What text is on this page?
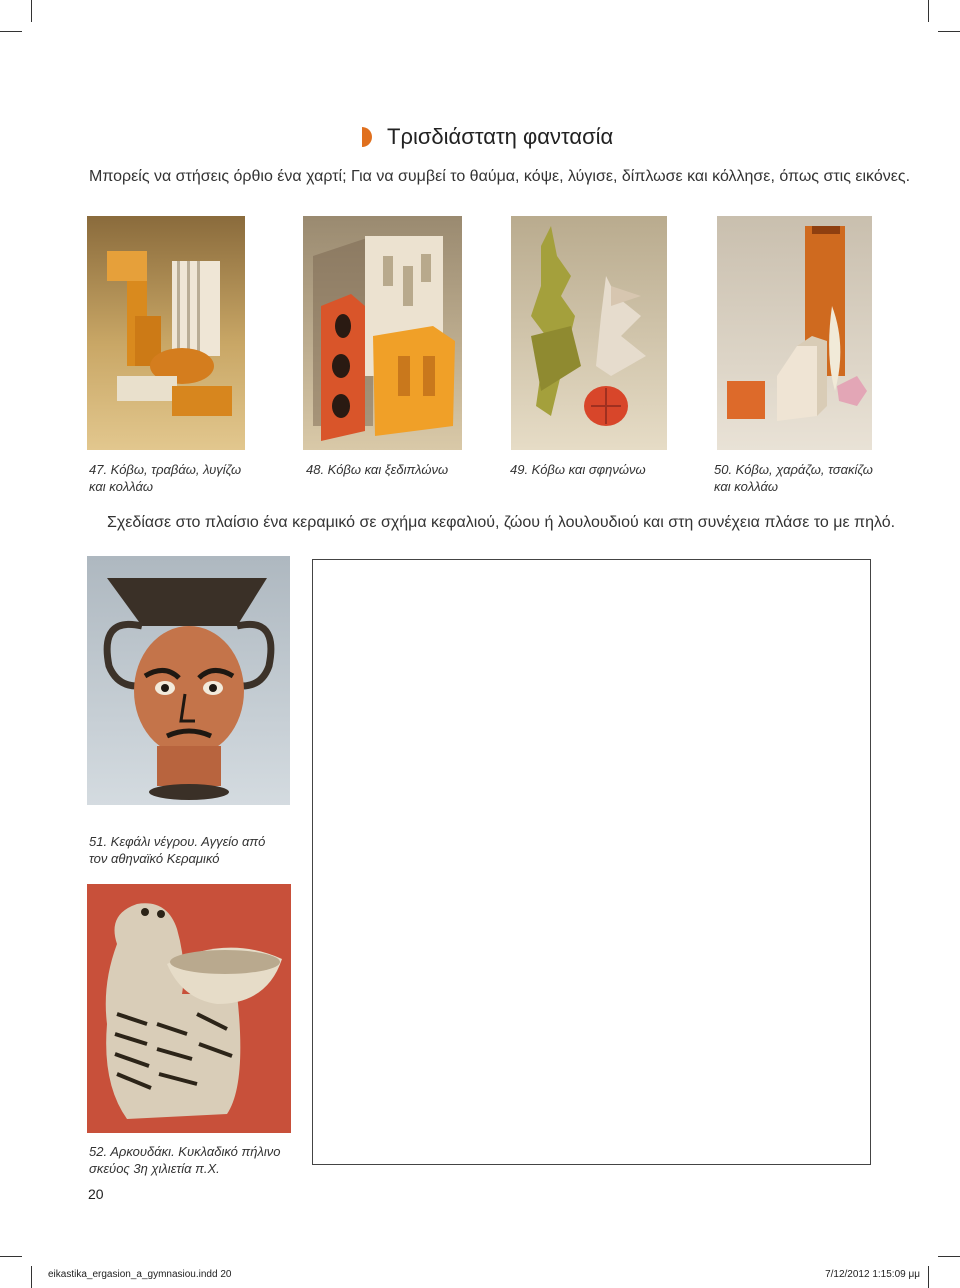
Τρισδιάστατη φαντασία
Μπορείς να στήσεις όρθιο ένα χαρτί; Για να συμβεί το θαύμα, κόψε, λύγισε, δίπλωσε και κόλλησε, όπως στις εικόνες.
47. Κόβω, τραβάω, λυγίζω
και κολλάω
48. Κόβω και ξεδιπλώνω	49. Κόβω και σφηνώνω	50. Κόβω, χαράζω, τσακίζω
και κολλάω
Σχεδίασε στο πλαίσιο ένα κεραμικό σε σχήμα κεφαλιού, ζώου ή λουλουδιού και στη συνέχεια πλάσε το με πηλό.
51. Κεφάλι νέγρου. Αγγείο από
τον αθηναϊκό Κεραμικό
52. Αρκουδάκι. Κυκλαδικό πήλινο
σκεύος 3η χιλιετία π.Χ.
20
eikastika_ergasion_a_gymnasiou.indd 20	7/12/2012 1:15:09 μμ
